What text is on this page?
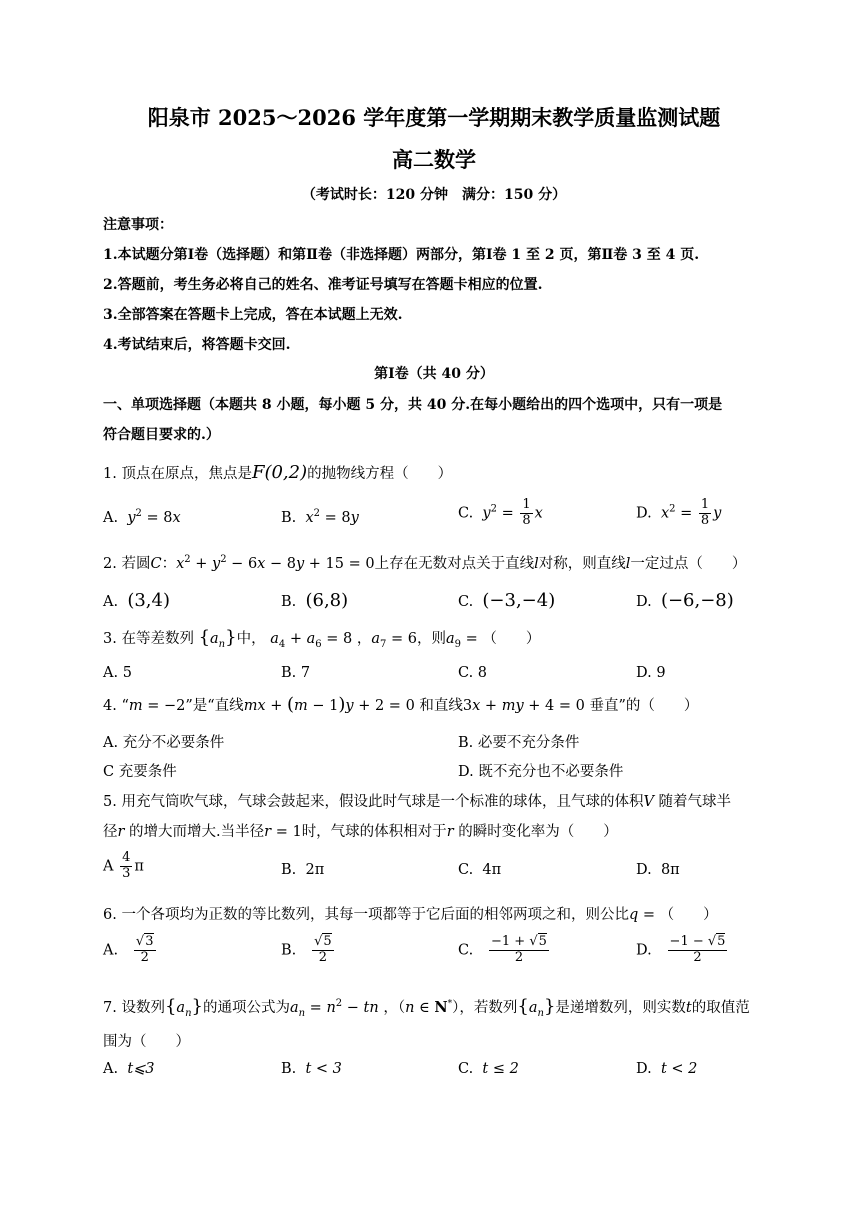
阳泉市 2025～2026 学年度第一学期期末教学质量监测试题
高二数学
（考试时长：120 分钟　满分：150 分）
注意事项：
1.本试题分第Ⅰ卷（选择题）和第Ⅱ卷（非选择题）两部分，第Ⅰ卷 1 至 2 页，第Ⅱ卷 3 至 4 页.
2.答题前，考生务必将自己的姓名、准考证号填写在答题卡相应的位置.
3.全部答案在答题卡上完成，答在本试题上无效.
4.考试结束后，将答题卡交回.
第Ⅰ卷（共 40 分）
一、单项选择题（本题共 8 小题，每小题 5 分，共 40 分.在每小题给出的四个选项中，只有一项是
符合题目要求的.）
1. 顶点在原点，焦点是F(0,2)的抛物线方程（　　）
A. $y^2 = 8x$	B. $x^2 = 8y$	C. $y^2 = \frac{1}{8}$ x	D. $x^2 = \frac{1}{8}$ y
2. 若圆C：$x^2 + y^2 - 6x - 8y + 15 = 0$上存在无数对点关于直线l对称，则直线l一定过点（　　）
A.  (3,4)	B.  (6,8)	C.  (−3,−4)	D.  (−6,−8)
3. 在等差数列 $\{a_n\}$中， $a_4 + a_6 = 8$ ，$a_7 = 6$，则$a_9$ = （　　）
A. 5	B. 7	C. 8	D. 9
4. “m = −2”是“直线mx + (m − 1)y + 2 = 0 和直线3x + my + 4 = 0 垂直”的（　　）
A. 充分不必要条件	B. 必要不充分条件
C 充要条件	D. 既不充分也不必要条件
5. 用充气筒吹气球，气球会鼓起来，假设此时气球是一个标准的球体，且气球的体积V 随着气球半
径r 的增大而增大.当半径r = 1时，气球的体积相对于r 的瞬时变化率为（　　）
A $\frac{4}{3}$ π	B. 2π	C. 4π	D. 8π
6. 一个各项均为正数的等比数列，其每一项都等于它后面的相邻两项之和，则公比q = （　　）
A. $\frac{√3}{2}$	B. $\frac{√5}{2}$	C. $\frac{-1 + √5}{2}$	D. $\frac{-1 - √5}{2}$
7. 设数列$\{a_n\}$的通项公式为$a_n = n^2$ − tn ，（n ∈ N*），若数列$\{a_n\}$是递增数列，则实数t的取值范
围为（　　）
A. t⩽3	B. t < 3	C. t ≤ 2	D. t < 2
